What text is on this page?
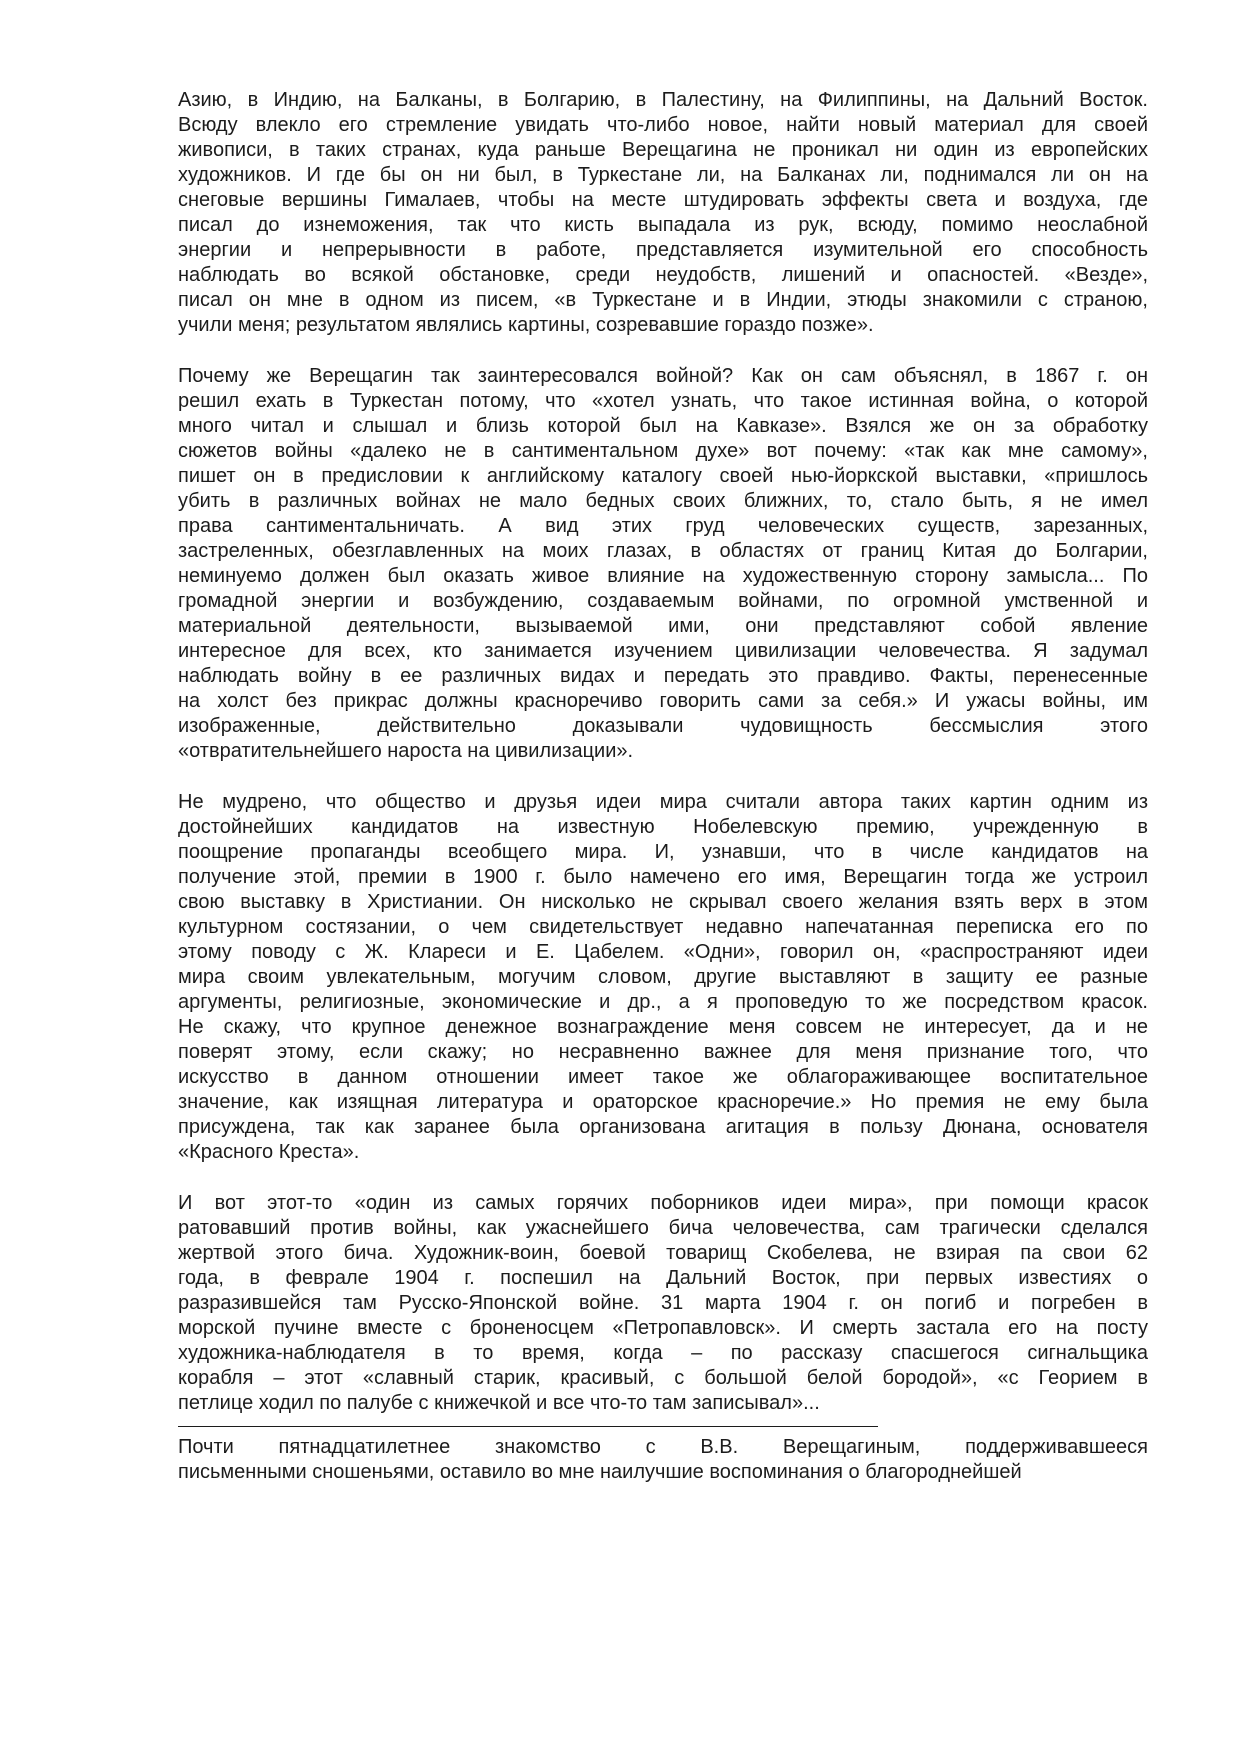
Азию, в Индию, на Балканы, в Болгарию, в Палестину, на Филиппины, на Дальний Восток.
Всюду влекло его стремление увидать что-либо новое, найти новый материал для своей
живописи, в таких странах, куда раньше Верещагина не проникал ни один из европейских
художников. И где бы он ни был, в Туркестане ли, на Балканах ли, поднимался ли он на
снеговые вершины Гималаев, чтобы на месте штудировать эффекты света и воздуха, где
писал до изнеможения, так что кисть выпадала из рук, всюду, помимо неослабной
энергии и непрерывности в работе, представляется изумительной его способность
наблюдать во всякой обстановке, среди неудобств, лишений и опасностей. «Везде»,
писал он мне в одном из писем, «в Туркестане и в Индии, этюды знакомили с страною,
учили меня; результатом являлись картины, созревавшие гораздо позже».
Почему же Верещагин так заинтересовался войной? Как он сам объяснял, в 1867 г. он
решил ехать в Туркестан потому, что «хотел узнать, что такое истинная война, о которой
много читал и слышал и близь которой был на Кавказе». Взялся же он за обработку
сюжетов войны «далеко не в сантиментальном духе» вот почему: «так как мне самому»,
пишет он в предисловии к английскому каталогу своей нью-йоркской выставки, «пришлось
убить в различных войнах не мало бедных своих ближних, то, стало быть, я не имел
права сантиментальничать. А вид этих груд человеческих существ, зарезанных,
застреленных, обезглавленных на моих глазах, в областях от границ Китая до Болгарии,
неминуемо должен был оказать живое влияние на художественную сторону замысла... По
громадной энергии и возбуждению, создаваемым войнами, по огромной умственной и
материальной деятельности, вызываемой ими, они представляют собой явление
интересное для всех, кто занимается изучением цивилизации человечества. Я задумал
наблюдать войну в ее различных видах и передать это правдиво. Факты, перенесенные
на холст без прикрас должны красноречиво говорить сами за себя.» И ужасы войны, им
изображенные, действительно доказывали чудовищность бессмыслия этого
«отвратительнейшего нароста на цивилизации».
Не мудрено, что общество и друзья идеи мира считали автора таких картин одним из
достойнейших кандидатов на известную Нобелевскую премию, учрежденную в
поощрение пропаганды всеобщего мира. И, узнавши, что в числе кандидатов на
получение этой, премии в 1900 г. было намечено его имя, Верещагин тогда же устроил
свою выставку в Христиании. Он нисколько не скрывал своего желания взять верх в этом
культурном состязании, о чем свидетельствует недавно напечатанная переписка его по
этому поводу с Ж. Клареси и Е. Цабелем. «Одни», говорил он, «распространяют идеи
мира своим увлекательным, могучим словом, другие выставляют в защиту ее разные
аргументы, религиозные, экономические и др., а я проповедую то же посредством красок.
Не скажу, что крупное денежное вознаграждение меня совсем не интересует, да и не
поверят этому, если скажу; но несравненно важнее для меня признание того, что
искусство в данном отношении имеет такое же облагораживающее воспитательное
значение, как изящная литература и ораторское красноречие.» Но премия не ему была
присуждена, так как заранее была организована агитация в пользу Дюнана, основателя
«Красного Креста».
И вот этот-то «один из самых горячих поборников идеи мира», при помощи красок
ратовавший против войны, как ужаснейшего бича человечества, сам трагически сделался
жертвой этого бича. Художник-воин, боевой товарищ Скобелева, не взирая па свои 62
года, в феврале 1904 г. поспешил на Дальний Восток, при первых известиях о
разразившейся там Русско-Японской войне. 31 марта 1904 г. он погиб и погребен в
морской пучине вместе с броненосцем «Петропавловск». И смерть застала его на посту
художника-наблюдателя в то время, когда – по рассказу спасшегося сигнальщика
корабля – этот «славный старик, красивый, с большой белой бородой», «с Георием в
петлице ходил по палубе с книжечкой и все что-то там записывал»...
Почти пятнадцатилетнее знакомство с В.В. Верещагиным, поддерживавшееся
письменными сношеньями, оставило во мне наилучшие воспоминания о благороднейшей
